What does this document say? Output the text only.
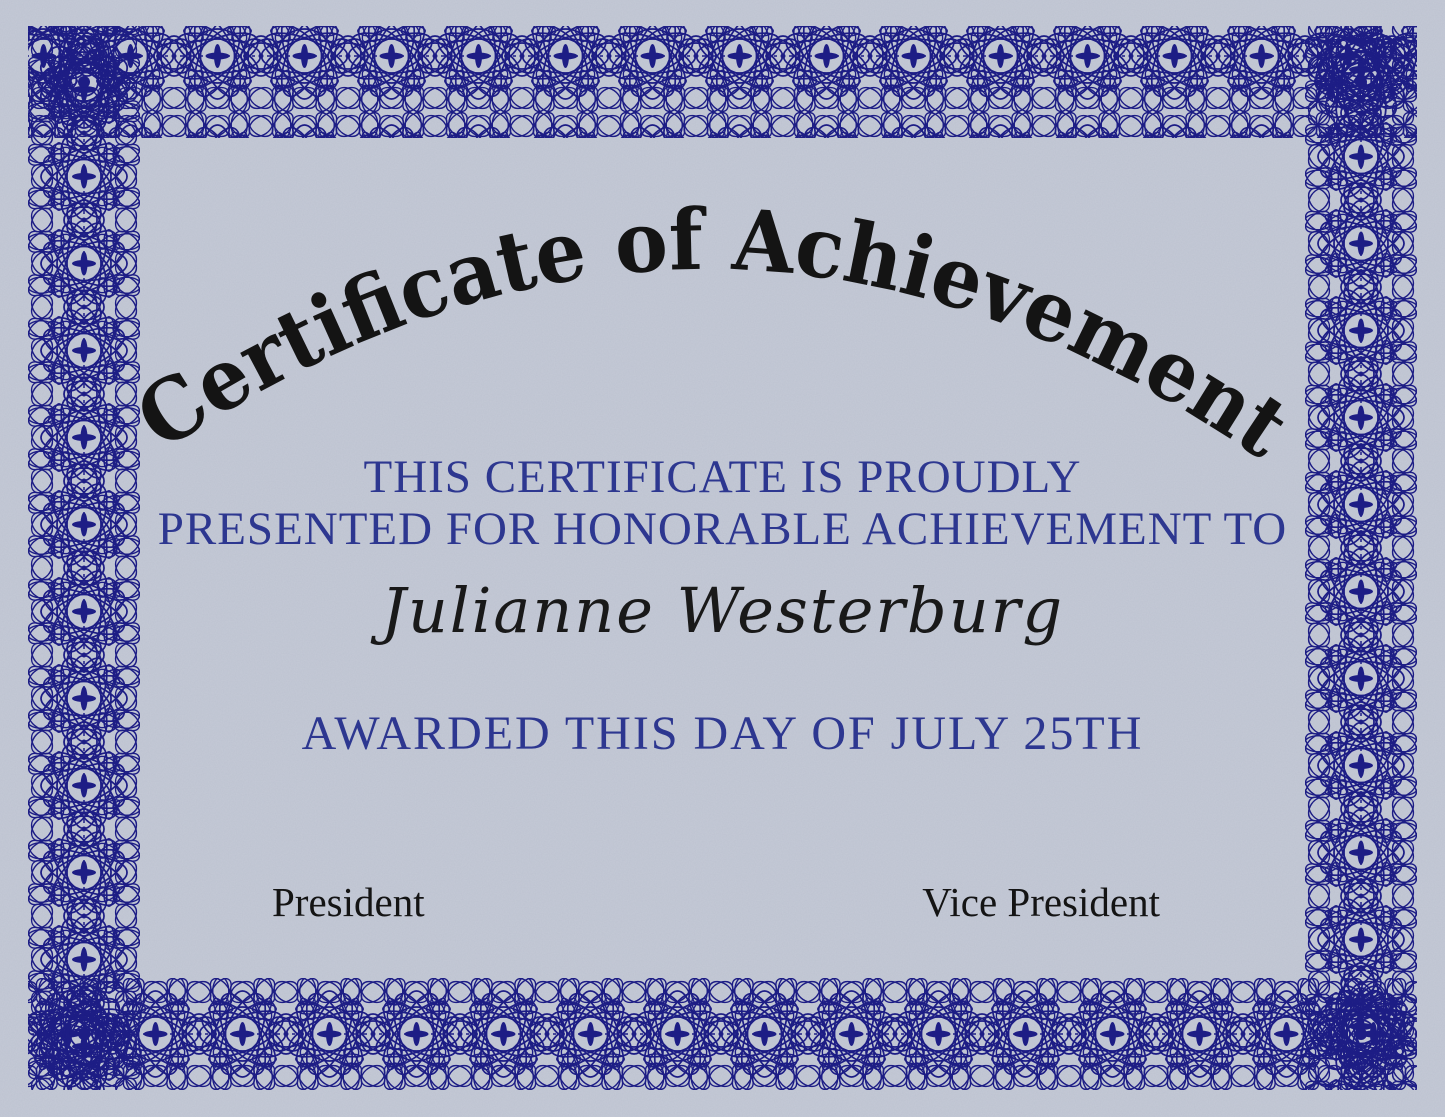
Certificate of Achievement
THIS CERTIFICATE IS PROUDLY
PRESENTED FOR HONORABLE ACHIEVEMENT TO
Julianne Westerburg
AWARDED THIS DAY OF JULY 25TH
President	Vice President
